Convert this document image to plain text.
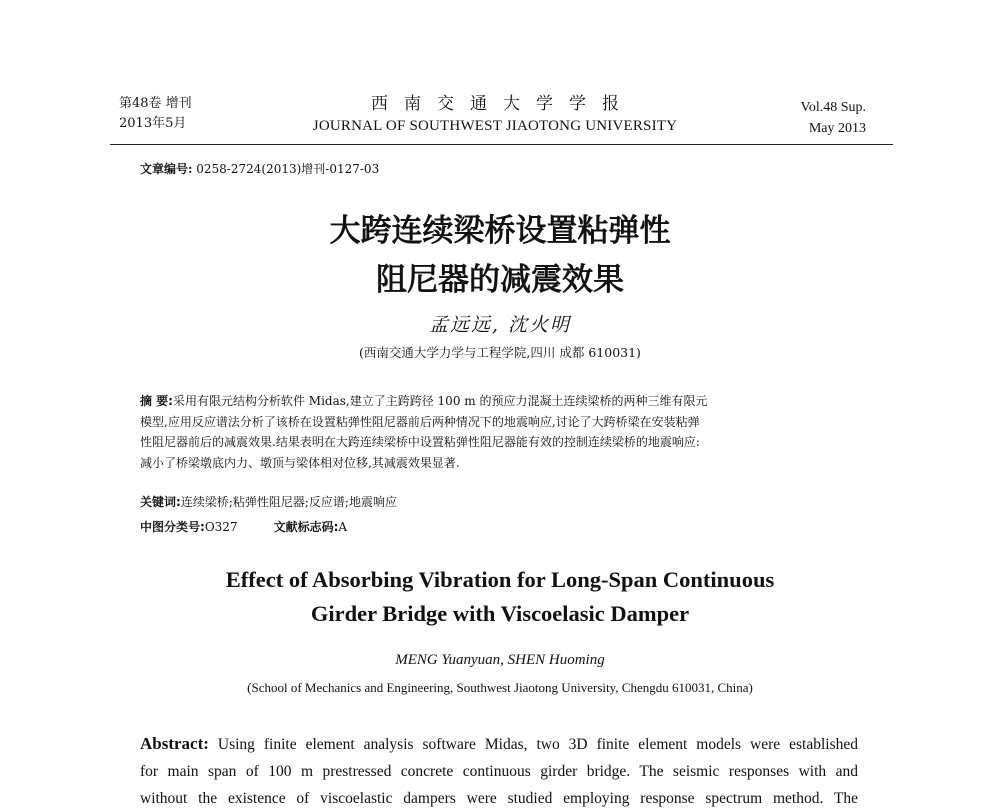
第48卷 增刊
2013年5月
西南交通大学学报
JOURNAL OF SOUTHWEST JIAOTONG UNIVERSITY
Vol.48 Sup.
May 2013
文章编号: 0258-2724(2013)增刊-0127-03
大跨连续梁桥设置粘弹性
阻尼器的减震效果
孟远远, 沈火明
(西南交通大学力学与工程学院,四川 成都 610031)
摘 要:采用有限元结构分析软件 Midas,建立了主跨跨径 100 m 的预应力混凝土连续梁桥的两种三维有限元
模型,应用反应谱法分析了该桥在设置粘弹性阻尼器前后两种情况下的地震响应,讨论了大跨桥梁在安装粘弹
性阻尼器前后的减震效果.结果表明在大跨连续梁桥中设置粘弹性阻尼器能有效的控制连续梁桥的地震响应:
减小了桥梁墩底内力、墩顶与梁体相对位移,其减震效果显著.
关键词:连续梁桥;粘弹性阻尼器;反应谱;地震响应
中图分类号:O327	文献标志码:A
Effect of Absorbing Vibration for Long-Span Continuous
Girder Bridge with Viscoelasic Damper
MENG Yuanyuan, SHEN Huoming
(School of Mechanics and Engineering, Southwest Jiaotong University, Chengdu 610031, China)
Abstract: Using finite element analysis software Midas, two 3D finite element models were established
for main span of 100 m prestressed concrete continuous girder bridge. The seismic responses with and
without the existence of viscoelastic dampers were studied employing response spectrum method. The
